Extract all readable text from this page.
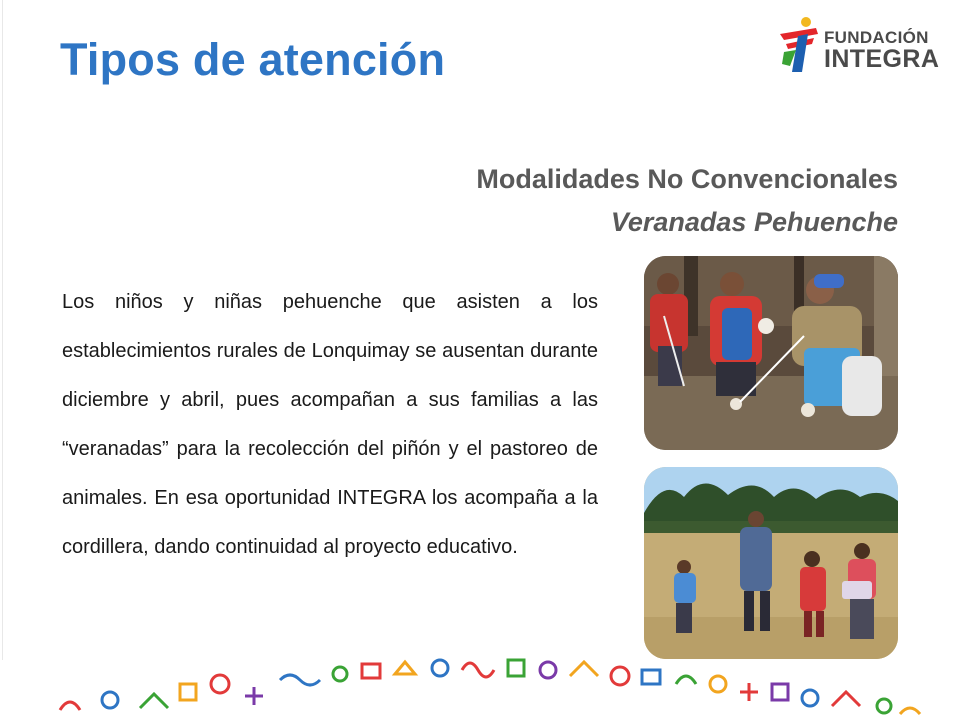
Tipos de atención	FUNDACIÓN
INTEGRA
Modalidades No Convencionales
Veranadas Pehuenche

Los niños y niñas pehuenche que asisten a los establecimientos rurales de Lonquimay se ausentan durante diciembre y abril, pues acompañan a sus familias a las “veranadas” para la recolección del piñón y el pastoreo de animales. En esa oportunidad INTEGRA los acompaña a la cordillera, dando continuidad al proyecto educativo.
